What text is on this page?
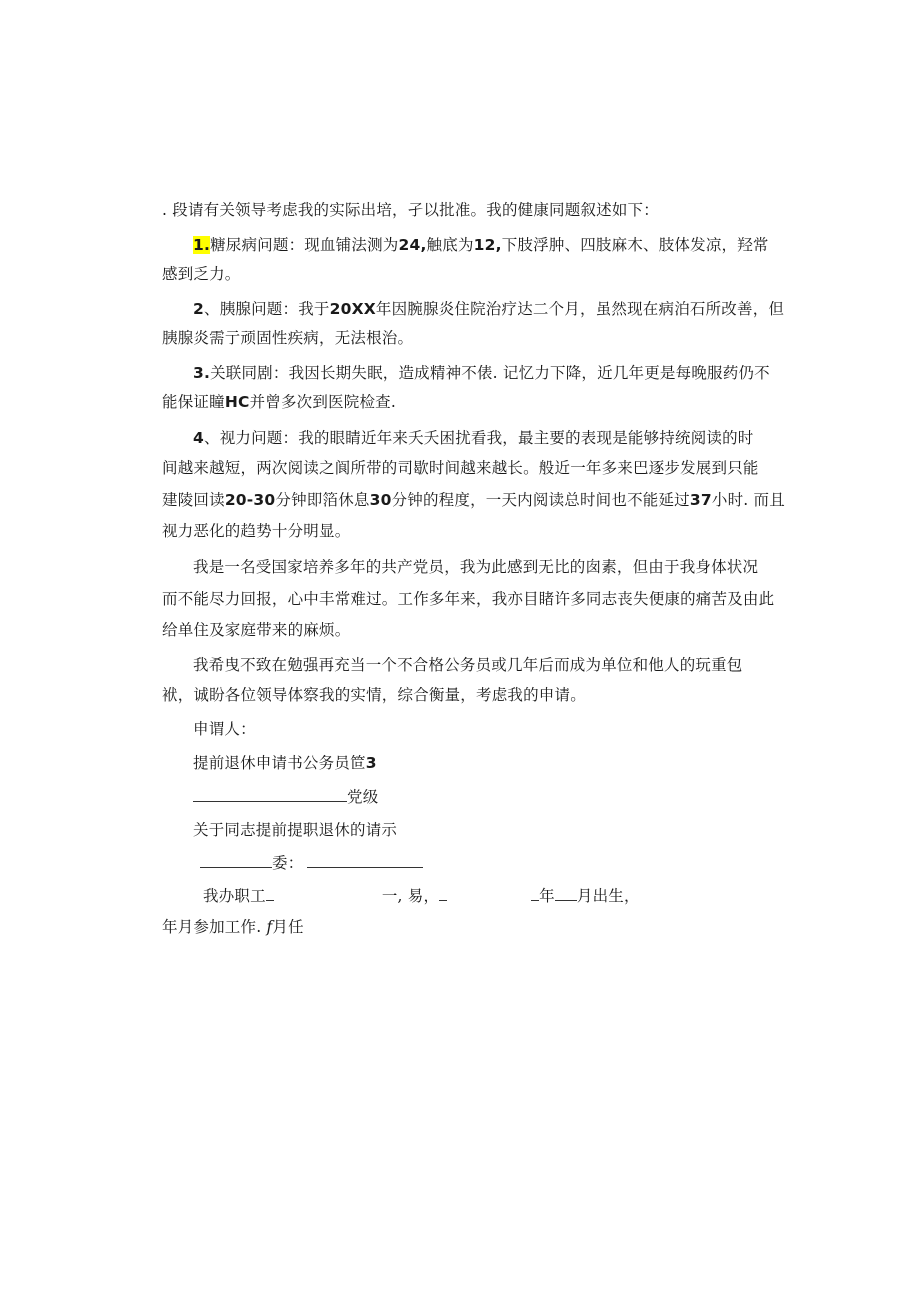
. 段请有关领导考虑我的实际出培，孑以批准。我的健康同题叙述如下：
1.糖尿病问题：现血铺法测为24,触底为12,下肢浮肿、四肢麻木、肢体发凉，羟常
感到乏力。
2、胰腺问题：我于20XX年因腕腺炎住院治疗达二个月，虽然现在病泊石所改善，但
胰腺炎需亍顽固性疾病，无法根治。
3.关联同剧：我因长期失眠，造成精神不俵. 记忆力下降，近几年更是每晚服药仍不
能保证瞳HC并曾多次到医院检查.
4、视力问题：我的眼睛近年来夭夭困扰看我，最主要的表现是能够持统阅读的时
间越来越短，两次阅读之阆所带的司歇时间越来越长。般近一年多来巴逐步发展到只能
建陵回读20-30分钟即箔休息30分钟的程度，一天内阅读总时间也不能延过37小时. 而且
视力恶化的趋势十分明显。
我是一名受国家培养多年的共产党员，我为此感到无比的囱素，但由于我身体状况
而不能尽力回报，心中丰常难过。工作多年来，我亦目睹许多同志丧失便康的痛苦及由此
给单住及家庭带来的麻烦。
我希曳不致在勉强再充当一个不合格公务员或几年后而成为单位和他人的玩重包
袱，诚盼各位领导体察我的实情，综合衡量，考虑我的申请。
申谓人：
提前退休申请书公务员笸3
党级
关于同志提前提职退休的请示
委：
我办职工	一, 易，	年 月出生，
年月参加工作. 𝑓月任
